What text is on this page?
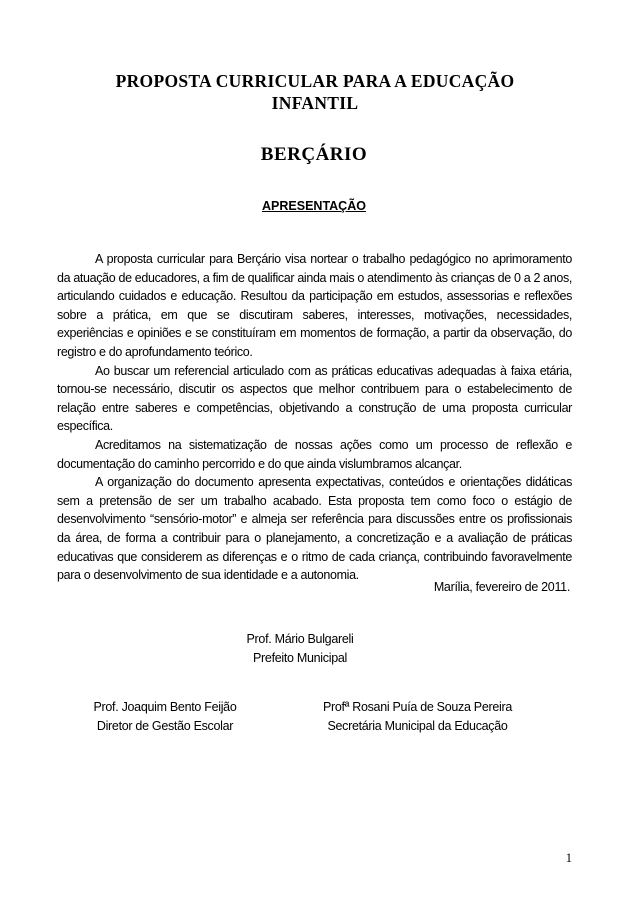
PROPOSTA CURRICULAR PARA A EDUCAÇÃO
INFANTIL
BERÇÁRIO
APRESENTAÇÃO

A proposta curricular para Berçário visa nortear o trabalho pedagógico no aprimoramento da atuação de educadores, a fim de qualificar ainda mais o atendimento às crianças de 0 a 2 anos, articulando cuidados e educação. Resultou da participação em estudos, assessorias e reflexões sobre a prática, em que se discutiram saberes, interesses, motivações, necessidades, experiências e opiniões e se constituíram em momentos de formação, a partir da observação, do registro e do aprofundamento teórico.

Ao buscar um referencial articulado com as práticas educativas adequadas à faixa etária, tornou-se necessário, discutir os aspectos que melhor contribuem para o estabelecimento de relação entre saberes e competências, objetivando a construção de uma proposta curricular específica.

Acreditamos na sistematização de nossas ações como um processo de reflexão e documentação do caminho percorrido e do que ainda vislumbramos alcançar.

A organização do documento apresenta expectativas, conteúdos e orientações didáticas sem a pretensão de ser um trabalho acabado. Esta proposta tem como foco o estágio de desenvolvimento “sensório-motor” e almeja ser referência para discussões entre os profissionais da área, de forma a contribuir para o planejamento, a concretização e a avaliação de práticas educativas que considerem as diferenças e o ritmo de cada criança, contribuindo favoravelmente para o desenvolvimento de sua identidade e a autonomia.

Marília, fevereiro de 2011.
Prof. Mário Bulgareli
Prefeito Municipal
Prof. Joaquim Bento Feijão
Diretor de Gestão Escolar
Profª Rosani Puía de Souza Pereira
Secretária Municipal da Educação
1
